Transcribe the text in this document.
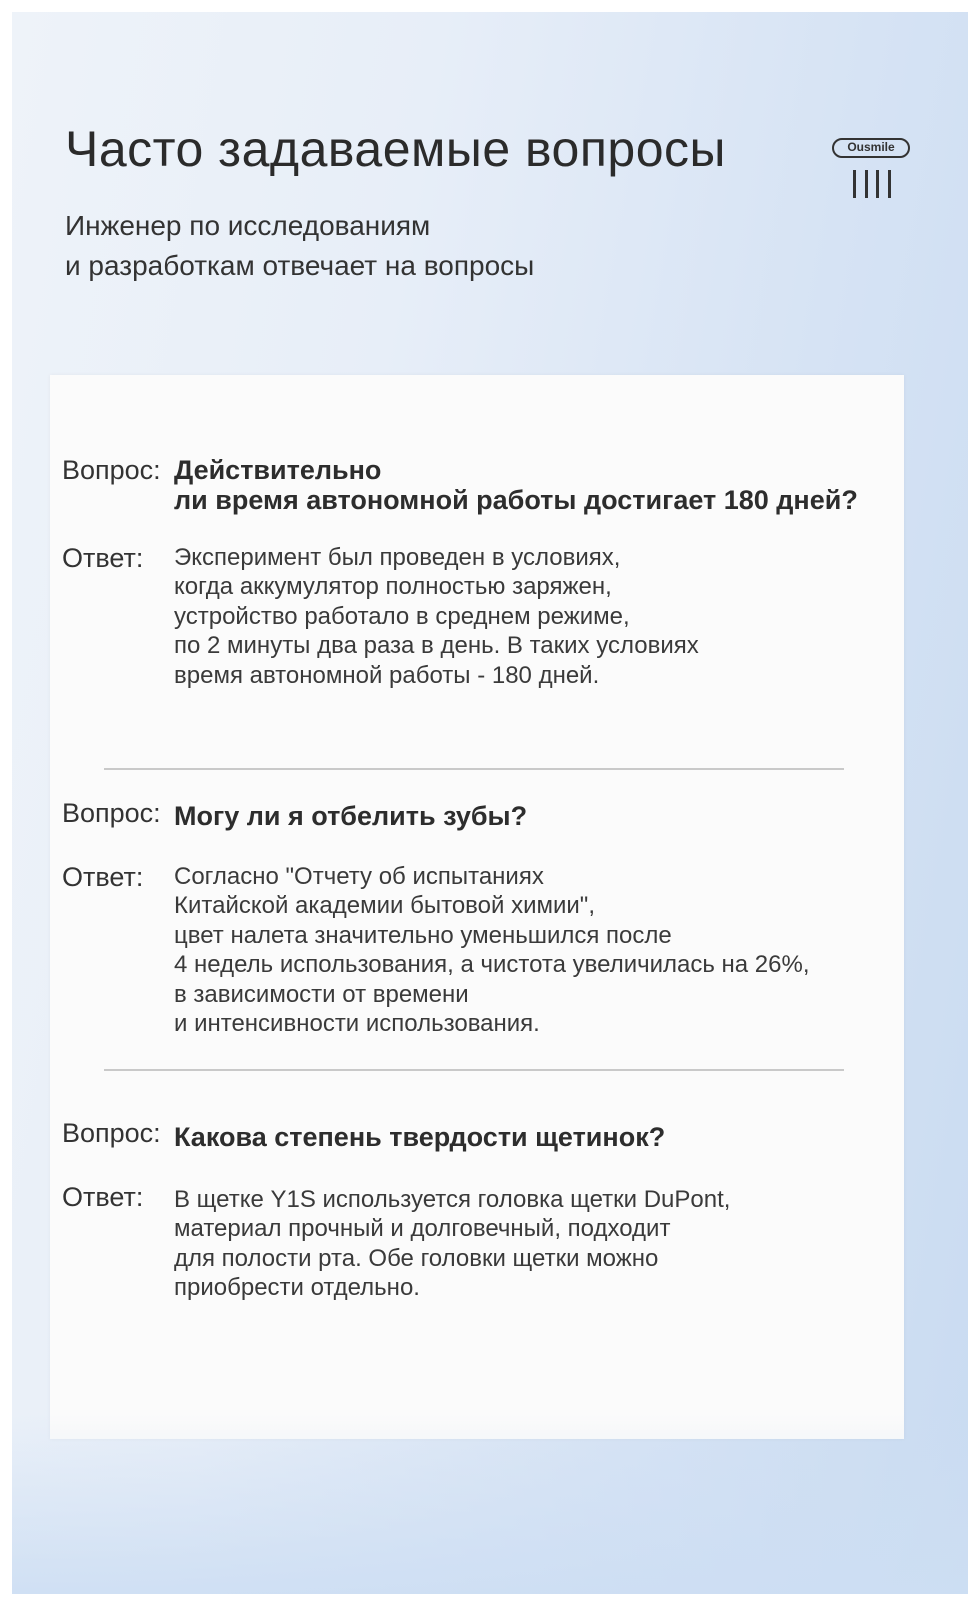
Часто задаваемые вопросы
Инженер по исследованиям
и разработкам отвечает на вопросы
Ousmile
Вопрос: Действительно
ли время автономной работы достигает 180 дней?
Ответ: Эксперимент был проведен в условиях,
когда аккумулятор полностью заряжен,
устройство работало в среднем режиме,
по 2 минуты два раза в день. В таких условиях
время автономной работы - 180 дней.
Вопрос: Могу ли я отбелить зубы?
Ответ: Согласно "Отчету об испытаниях
Китайской академии бытовой химии",
цвет налета значительно уменьшился после
4 недель использования, а чистота увеличилась на 26%,
в зависимости от времени
и интенсивности использования.
Вопрос: Какова степень твердости щетинок?
Ответ: В щетке Y1S используется головка щетки DuPont,
материал прочный и долговечный, подходит
для полости рта. Обе головки щетки можно
приобрести отдельно.
